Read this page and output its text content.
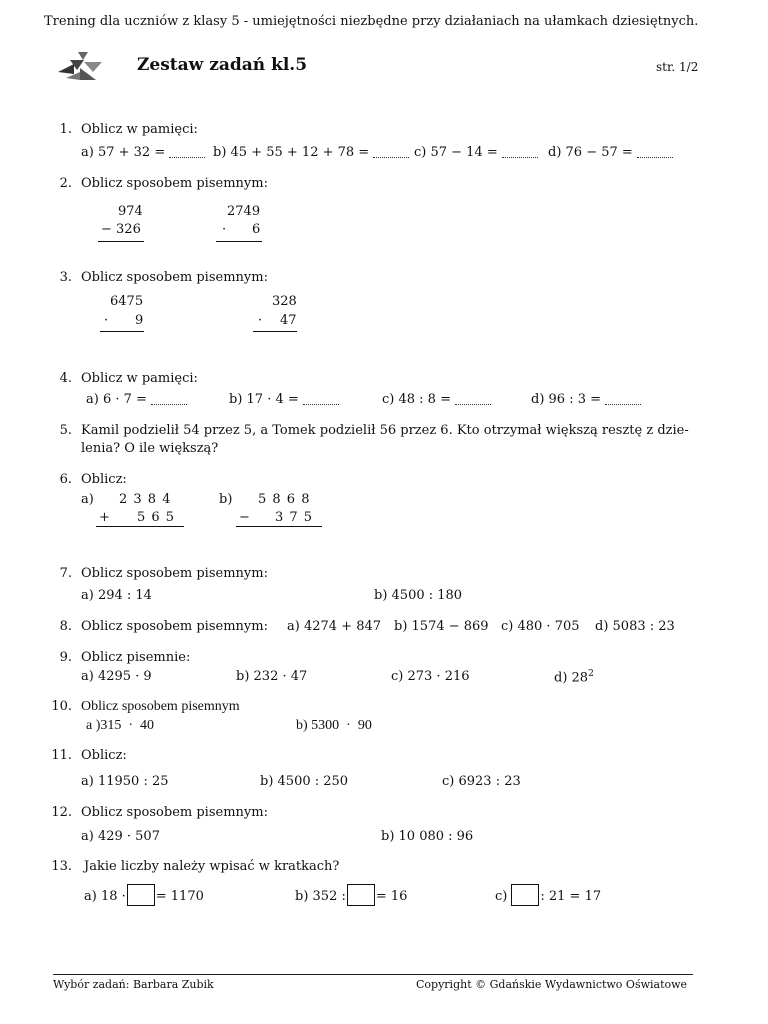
Trening dla uczniów z klasy 5 - umiejętności niezbędne przy działaniach na ułamkach dziesiętnych.
Zestaw zadań kl.5	str. 1/2
1. Oblicz w pamięci:
a) 57 + 32 =	b) 45 + 55 + 12 + 78 =	c) 57 − 14 =	d) 76 − 57 =
2. Oblicz sposobem pisemnym:
974
− 326
2749
· 6
3. Oblicz sposobem pisemnym:
6475
· 9
328
· 47
4. Oblicz w pamięci:
a) 6 · 7 =	b) 17 · 4 =	c) 48 : 8 =	d) 96 : 3 =
5. Kamil podzielił 54 przez 5, a Tomek podzielił 56 przez 6. Kto otrzymał większą resztę z dzie-
lenia? O ile większą?
6. Oblicz:
a) 2 3 8 4
+ 5 6 5
b) 5 8 6 8
− 3 7 5
7. Oblicz sposobem pisemnym:
a) 294 : 14	b) 4500 : 180
8. Oblicz sposobem pisemnym: a) 4274 + 847 b) 1574 − 869 c) 480 · 705 d) 5083 : 23
9. Oblicz pisemnie:
a) 4295 · 9	b) 232 · 47	c) 273 · 216	d) $28^2$
10. Oblicz sposobem pisemnym
a )315  ·  40	b) 5300  ·  90
11. Oblicz:
a) 11950 : 25	b) 4500 : 250	c) 6923 : 23
12. Oblicz sposobem pisemnym:
a) 429 · 507	b) 10 080 : 96
13. Jakie liczby należy wpisać w kratkach?
a) 18 · = 1170	b) 352 : = 16	c)	: 21 = 17
Wybór zadań: Barbara Zubik	Copyright © Gdańskie Wydawnictwo Oświatowe
